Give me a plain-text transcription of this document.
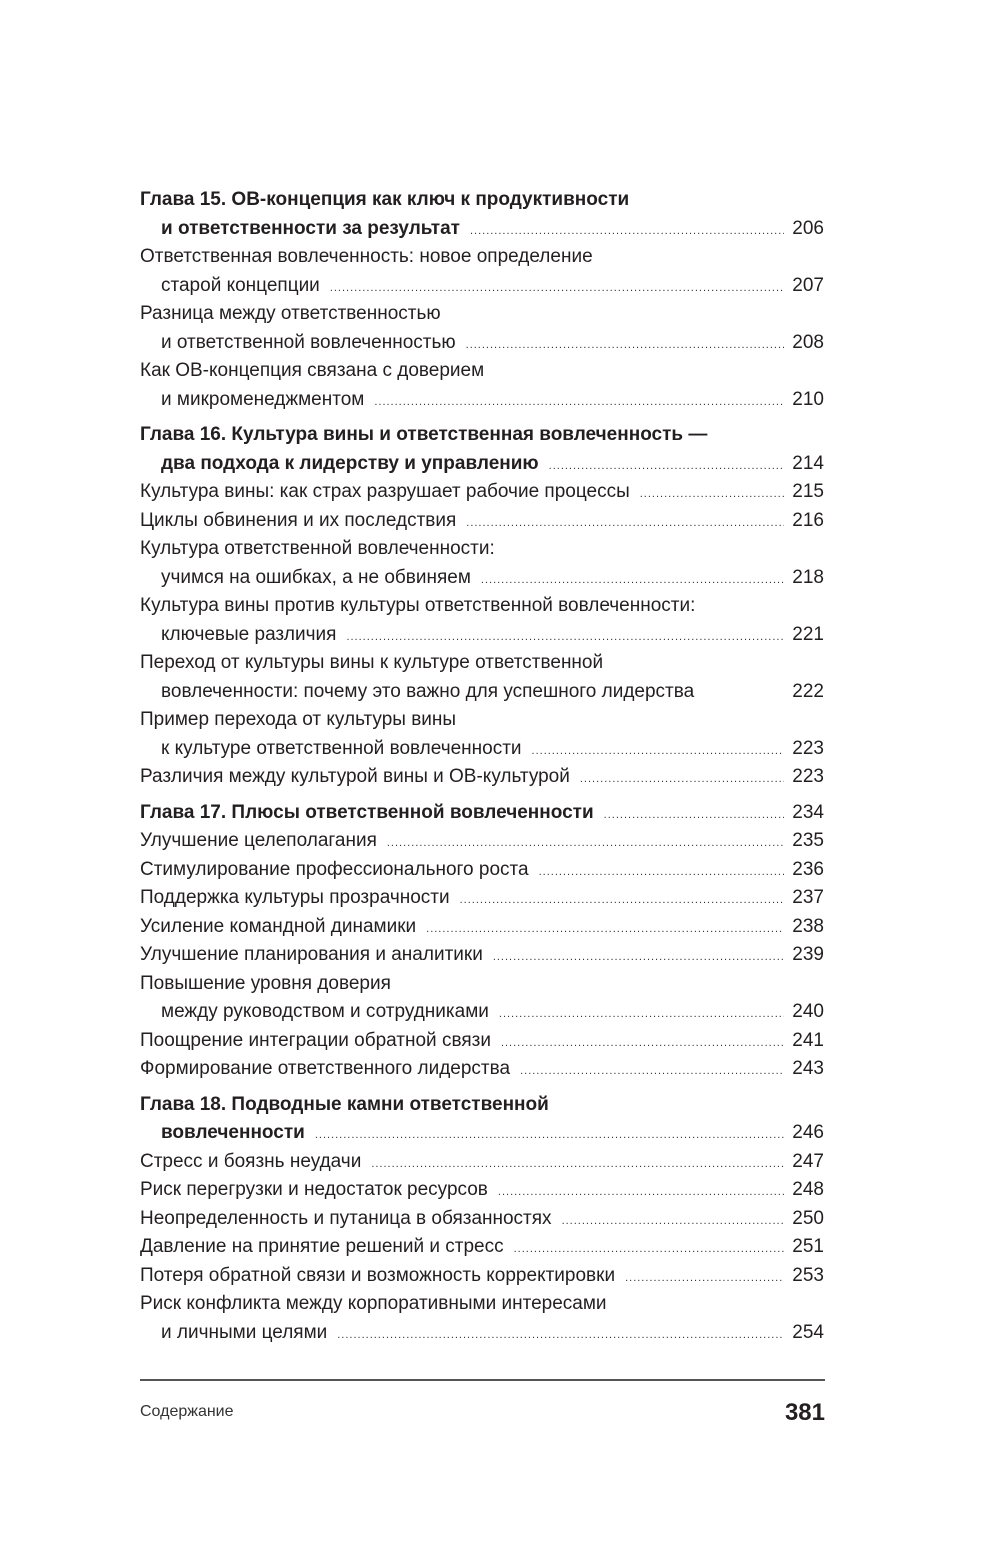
Глава 15. ОВ-концепция как ключ к продуктивности
и ответственности за результат .....	206
Ответственная вовлеченность: новое определение
старой концепции .....	207
Разница между ответственностью
и ответственной вовлеченностью .....	208
Как ОВ-концепция связана с доверием
и микроменеджментом .....	210
Глава 16. Культура вины и ответственная вовлеченность —
два подхода к лидерству и управлению .....	214
Культура вины: как страх разрушает рабочие процессы .....	215
Циклы обвинения и их последствия .....	216
Культура ответственной вовлеченности:
учимся на ошибках, а не обвиняем .....	218
Культура вины против культуры ответственной вовлеченности:
ключевые различия .....	221
Переход от культуры вины к культуре ответственной
вовлеченности: почему это важно для успешного лидерства	222
Пример перехода от культуры вины
к культуре ответственной вовлеченности .....	223
Различия между культурой вины и ОВ-культурой .....	223
Глава 17. Плюсы ответственной вовлеченности .....	234
Улучшение целеполагания .....	235
Стимулирование профессионального роста .....	236
Поддержка культуры прозрачности .....	237
Усиление командной динамики .....	238
Улучшение планирования и аналитики .....	239
Повышение уровня доверия
между руководством и сотрудниками .....	240
Поощрение интеграции обратной связи .....	241
Формирование ответственного лидерства .....	243
Глава 18. Подводные камни ответственной
вовлеченности .....	246
Стресс и боязнь неудачи .....	247
Риск перегрузки и недостаток ресурсов .....	248
Неопределенность и путаница в обязанностях .....	250
Давление на принятие решений и стресс .....	251
Потеря обратной связи и возможность корректировки .....	253
Риск конфликта между корпоративными интересами
и личными целями .....	254
Содержание	381
